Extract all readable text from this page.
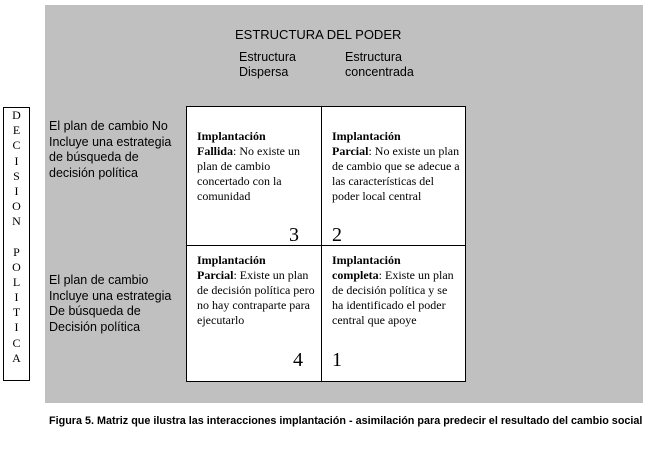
ESTRUCTURA DEL PODER
Estructura
Dispersa
Estructura
concentrada
D
E
C
I
S
I
O
N
P
O
L
I
T
I
C
A
El plan de cambio No
Incluye una estrategia
de búsqueda de
decisión política
El plan de cambio
Incluye una estrategia
De búsqueda de
Decisión política
Implantación
Fallida: No existe un plan de cambio concertado con la comunidad
Implantación
Parcial: No existe un plan de cambio que se adecue a las características del poder local central
Implantación
Parcial: Existe un plan de decisión política pero no hay contraparte para ejecutarlo
Implantación
completa: Existe un plan de decisión política y se ha identificado el poder central que apoye
3 2
4 1
Figura 5. Matriz que ilustra las interacciones implantación - asimilación para predecir el resultado del cambio social
